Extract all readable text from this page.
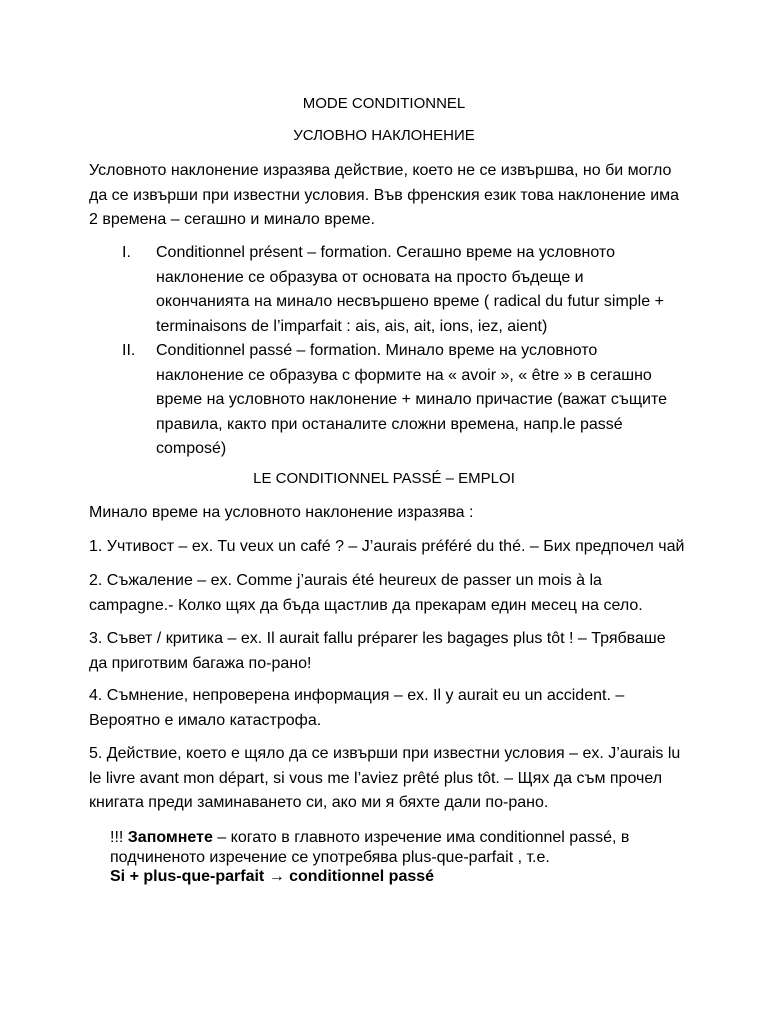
MODE CONDITIONNEL
УСЛОВНО НАКЛОНЕНИЕ
Условното наклонение изразява действие, което не се извършва, но би могло
да се извърши при известни условия. Във френския език това наклонение има
2 времена – сегашно и минало време.
I. Conditionnel présent – formation. Сегашно време на условното
наклонение се образува от основата на просто бъдеще и
окончанията на минало несвършено време ( radical du futur simple +
terminaisons de l’imparfait : ais, ais, ait, ions, iez, aient)
II. Conditionnel passé – formation. Минало време на условното
наклонение се образува с формите на « avoir », « être » в сегашно
време на условното наклонение + минало причастие (важат същите
правила, както при останалите сложни времена, напр.le passé
composé)
LE CONDITIONNEL PASSÉ – EMPLOI
Минало време на условното наклонение изразява :
1. Учтивост – ex. Tu veux un café ? – J’aurais préféré du thé. – Бих предпочел чай
2. Съжаление – ex. Comme j’aurais été heureux de passer un mois à la
campagne.- Колко щях да бъда щастлив да прекарам един месец на село.
3. Съвет / критика – ex. Il aurait fallu préparer les bagages plus tôt ! – Трябваше
да приготвим багажа по-рано!
4. Съмнение, непроверена информация – ex. Il y aurait eu un accident. –
Вероятно е имало катастрофа.
5. Действие, което е щяло да се извърши при известни условия – ex. J’aurais lu
le livre avant mon départ, si vous me l’aviez prêté plus tôt. – Щях да съм прочел
книгата преди заминаването си, ако ми я бяхте дали по-рано.
!!! Запомнете – когато в главното изречение има conditionnel passé, в
подчиненото изречение се употребява plus-que-parfait , т.е.
Si + plus-que-parfait → conditionnel passé
